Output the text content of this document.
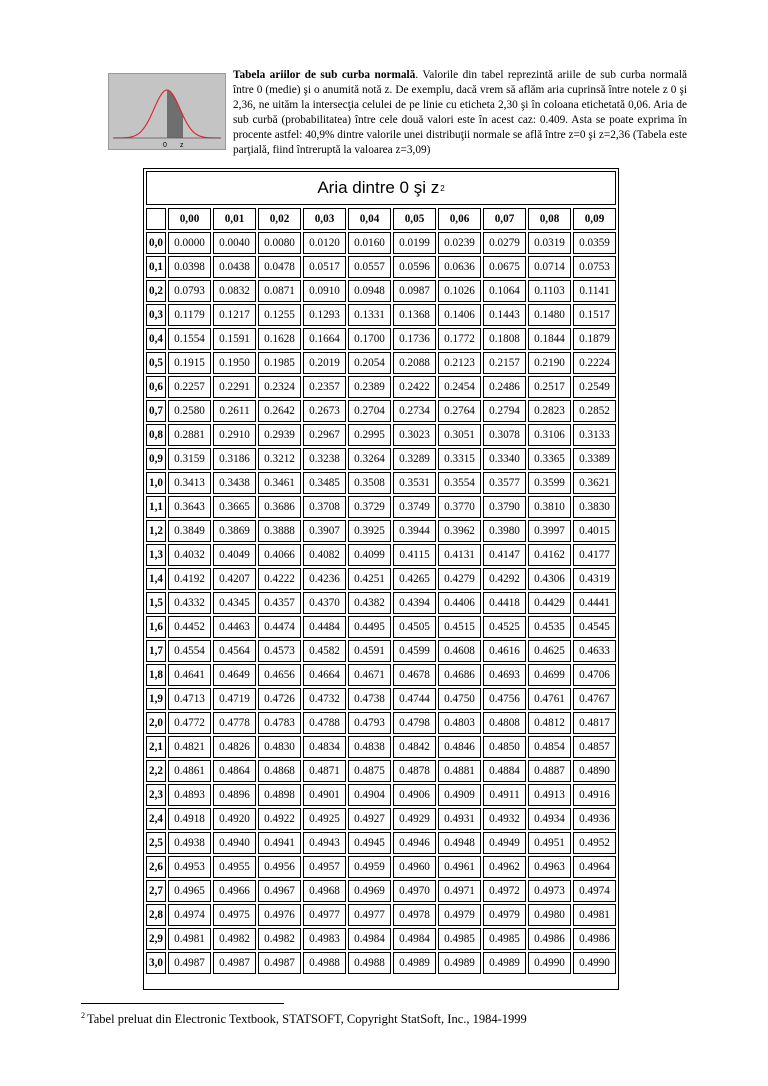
0 z
Tabela ariilor de sub curba normală. Valorile din tabel reprezintă ariile de sub curba normală între 0 (medie) şi o anumită notă z. De exemplu, dacă vrem să aflăm aria cuprinsă între notele z 0 şi 2,36, ne uităm la intersecţia celulei de pe linie cu eticheta 2,30 şi în coloana etichetată 0,06. Aria de sub curbă (probabilitatea) între cele două valori este în acest caz: 0.409. Asta se poate exprima în procente astfel: 40,9% dintre valorile unei distribuţii normale se află între z=0 şi z=2,36 (Tabela este parţială, fiind întreruptă la valoarea z=3,09)
Aria dintre 0 şi z 2
	0,00	0,01	0,02	0,03	0,04	0,05	0,06	0,07	0,08	0,09
0,0	0.0000	0.0040	0.0080	0.0120	0.0160	0.0199	0.0239	0.0279	0.0319	0.0359
0,1	0.0398	0.0438	0.0478	0.0517	0.0557	0.0596	0.0636	0.0675	0.0714	0.0753
0,2	0.0793	0.0832	0.0871	0.0910	0.0948	0.0987	0.1026	0.1064	0.1103	0.1141
0,3	0.1179	0.1217	0.1255	0.1293	0.1331	0.1368	0.1406	0.1443	0.1480	0.1517
0,4	0.1554	0.1591	0.1628	0.1664	0.1700	0.1736	0.1772	0.1808	0.1844	0.1879
0,5	0.1915	0.1950	0.1985	0.2019	0.2054	0.2088	0.2123	0.2157	0.2190	0.2224
0,6	0.2257	0.2291	0.2324	0.2357	0.2389	0.2422	0.2454	0.2486	0.2517	0.2549
0,7	0.2580	0.2611	0.2642	0.2673	0.2704	0.2734	0.2764	0.2794	0.2823	0.2852
0,8	0.2881	0.2910	0.2939	0.2967	0.2995	0.3023	0.3051	0.3078	0.3106	0.3133
0,9	0.3159	0.3186	0.3212	0.3238	0.3264	0.3289	0.3315	0.3340	0.3365	0.3389
1,0	0.3413	0.3438	0.3461	0.3485	0.3508	0.3531	0.3554	0.3577	0.3599	0.3621
1,1	0.3643	0.3665	0.3686	0.3708	0.3729	0.3749	0.3770	0.3790	0.3810	0.3830
1,2	0.3849	0.3869	0.3888	0.3907	0.3925	0.3944	0.3962	0.3980	0.3997	0.4015
1,3	0.4032	0.4049	0.4066	0.4082	0.4099	0.4115	0.4131	0.4147	0.4162	0.4177
1,4	0.4192	0.4207	0.4222	0.4236	0.4251	0.4265	0.4279	0.4292	0.4306	0.4319
1,5	0.4332	0.4345	0.4357	0.4370	0.4382	0.4394	0.4406	0.4418	0.4429	0.4441
1,6	0.4452	0.4463	0.4474	0.4484	0.4495	0.4505	0.4515	0.4525	0.4535	0.4545
1,7	0.4554	0.4564	0.4573	0.4582	0.4591	0.4599	0.4608	0.4616	0.4625	0.4633
1,8	0.4641	0.4649	0.4656	0.4664	0.4671	0.4678	0.4686	0.4693	0.4699	0.4706
1,9	0.4713	0.4719	0.4726	0.4732	0.4738	0.4744	0.4750	0.4756	0.4761	0.4767
2,0	0.4772	0.4778	0.4783	0.4788	0.4793	0.4798	0.4803	0.4808	0.4812	0.4817
2,1	0.4821	0.4826	0.4830	0.4834	0.4838	0.4842	0.4846	0.4850	0.4854	0.4857
2,2	0.4861	0.4864	0.4868	0.4871	0.4875	0.4878	0.4881	0.4884	0.4887	0.4890
2,3	0.4893	0.4896	0.4898	0.4901	0.4904	0.4906	0.4909	0.4911	0.4913	0.4916
2,4	0.4918	0.4920	0.4922	0.4925	0.4927	0.4929	0.4931	0.4932	0.4934	0.4936
2,5	0.4938	0.4940	0.4941	0.4943	0.4945	0.4946	0.4948	0.4949	0.4951	0.4952
2,6	0.4953	0.4955	0.4956	0.4957	0.4959	0.4960	0.4961	0.4962	0.4963	0.4964
2,7	0.4965	0.4966	0.4967	0.4968	0.4969	0.4970	0.4971	0.4972	0.4973	0.4974
2,8	0.4974	0.4975	0.4976	0.4977	0.4977	0.4978	0.4979	0.4979	0.4980	0.4981
2,9	0.4981	0.4982	0.4982	0.4983	0.4984	0.4984	0.4985	0.4985	0.4986	0.4986
3,0	0.4987	0.4987	0.4987	0.4988	0.4988	0.4989	0.4989	0.4989	0.4990	0.4990
$^2$ Tabel preluat din Electronic Textbook, STATSOFT, Copyright StatSoft, Inc., 1984-1999
